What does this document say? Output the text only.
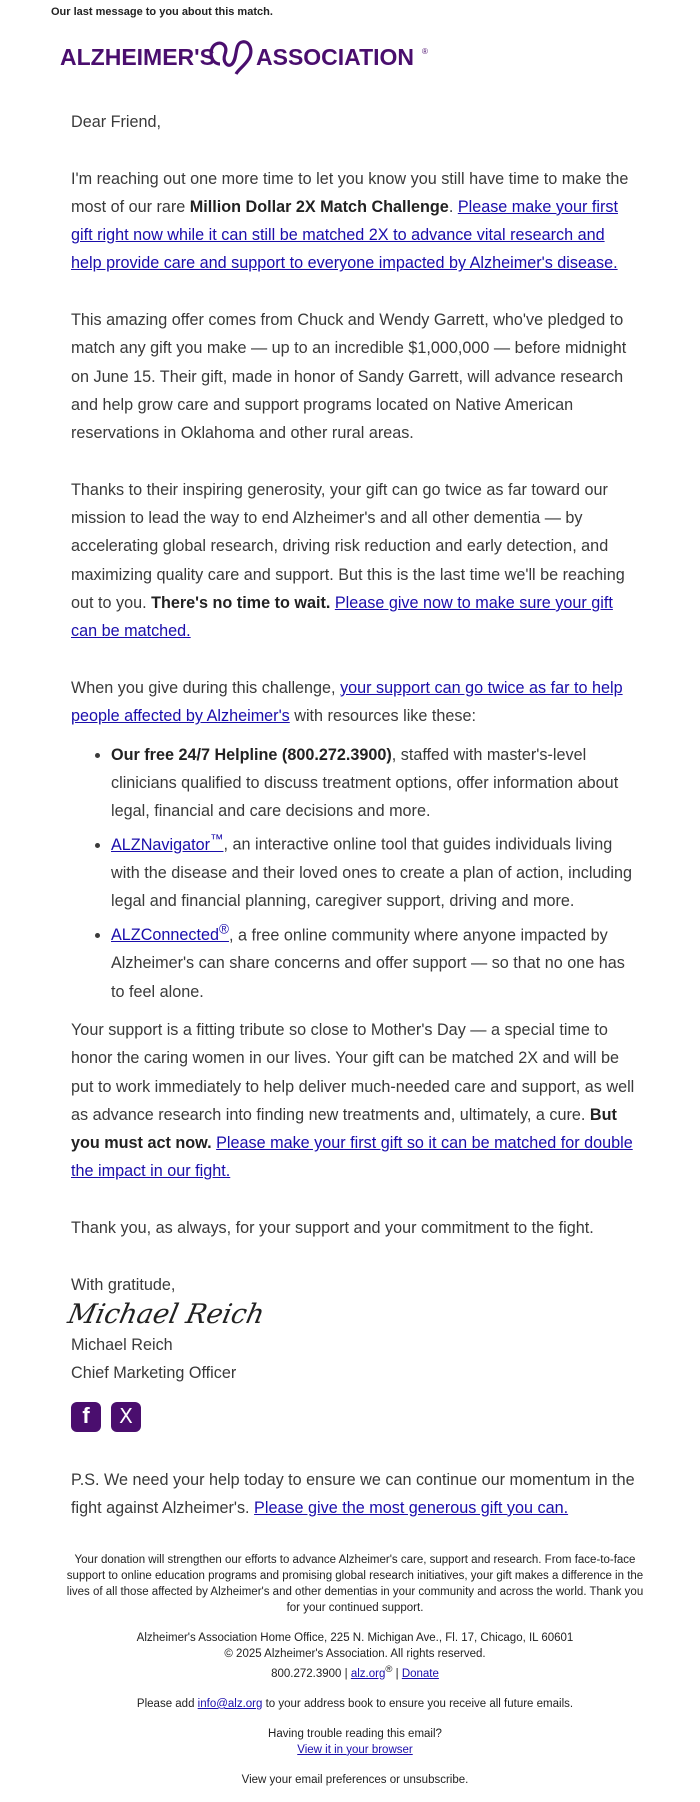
Our last message to you about this match.
ALZHEIMER'S ASSOCIATION ®

Dear Friend,

I'm reaching out one more time to let you know you still have time to make the most of our rare Million Dollar 2X Match Challenge. Please make your first gift right now while it can still be matched 2X to advance vital research and help provide care and support to everyone impacted by Alzheimer's disease.

This amazing offer comes from Chuck and Wendy Garrett, who've pledged to match any gift you make — up to an incredible $1,000,000 — before midnight on June 15. Their gift, made in honor of Sandy Garrett, will advance research and help grow care and support programs located on Native American reservations in Oklahoma and other rural areas.

Thanks to their inspiring generosity, your gift can go twice as far toward our mission to lead the way to end Alzheimer's and all other dementia — by accelerating global research, driving risk reduction and early detection, and maximizing quality care and support. But this is the last time we'll be reaching out to you. There's no time to wait. Please give now to make sure your gift can be matched.

When you give during this challenge, your support can go twice as far to help people affected by Alzheimer's with resources like these:

• Our free 24/7 Helpline (800.272.3900), staffed with master's-level clinicians qualified to discuss treatment options, offer information about legal, financial and care decisions and more.
• ALZNavigator™, an interactive online tool that guides individuals living with the disease and their loved ones to create a plan of action, including legal and financial planning, caregiver support, driving and more.
• ALZConnected®, a free online community where anyone impacted by Alzheimer's can share concerns and offer support — so that no one has to feel alone.

Your support is a fitting tribute so close to Mother's Day — a special time to honor the caring women in our lives. Your gift can be matched 2X and will be put to work immediately to help deliver much-needed care and support, as well as advance research into finding new treatments and, ultimately, a cure. But you must act now. Please make your first gift so it can be matched for double the impact in our fight.

Thank you, as always, for your support and your commitment to the fight.

With gratitude,

Michael Reich

Michael Reich

Chief Marketing Officer

f X

P.S. We need your help today to ensure we can continue our momentum in the fight against Alzheimer's. Please give the most generous gift you can.

Your donation will strengthen our efforts to advance Alzheimer's care, support and research. From face-to-face support to online education programs and promising global research initiatives, your gift makes a difference in the lives of all those affected by Alzheimer's and other dementias in your community and across the world. Thank you for your continued support.

Alzheimer's Association Home Office, 225 N. Michigan Ave., Fl. 17, Chicago, IL 60601

© 2025 Alzheimer's Association. All rights reserved.

800.272.3900 | alz.org® | Donate

Please add info@alz.org to your address book to ensure you receive all future emails.

Having trouble reading this email?

View it in your browser

View your email preferences or unsubscribe.
